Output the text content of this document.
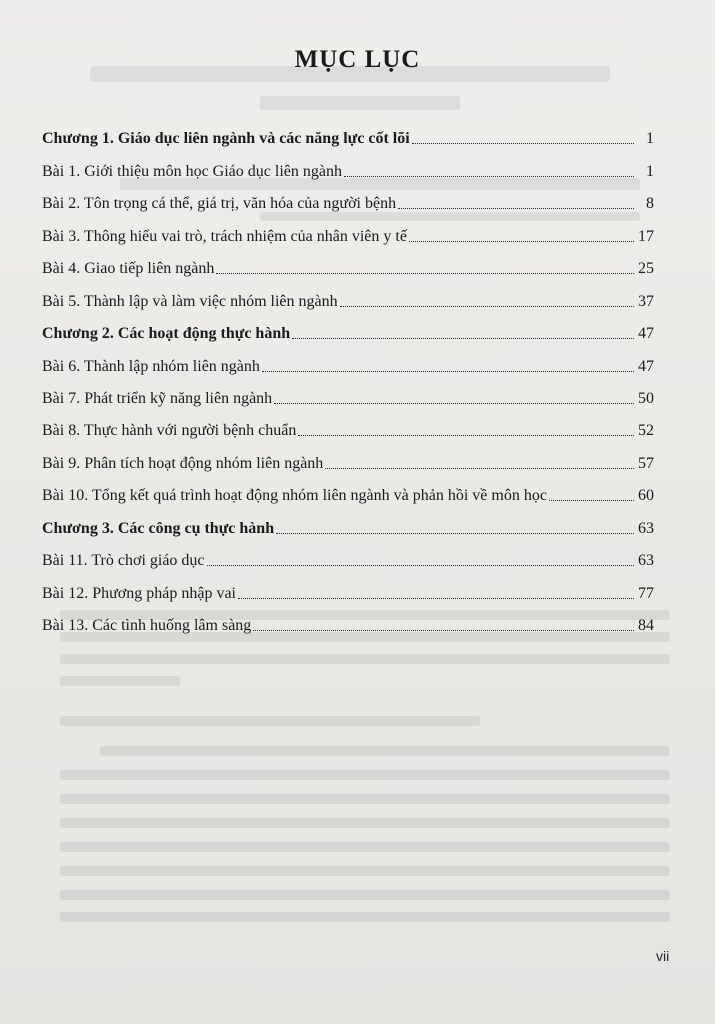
MỤC LỤC
Chương 1. Giáo dục liên ngành và các năng lực cốt lõi	1
Bài 1. Giới thiệu môn học Giáo dục liên ngành	1
Bài 2. Tôn trọng cá thể, giá trị, văn hóa của người bệnh	8
Bài 3. Thông hiểu vai trò, trách nhiệm của nhân viên y tế	17
Bài 4. Giao tiếp liên ngành	25
Bài 5. Thành lập và làm việc nhóm liên ngành	37
Chương 2. Các hoạt động thực hành	47
Bài 6. Thành lập nhóm liên ngành	47
Bài 7. Phát triển kỹ năng liên ngành	50
Bài 8. Thực hành với người bệnh chuẩn	52
Bài 9. Phân tích hoạt động nhóm liên ngành	57
Bài 10. Tổng kết quá trình hoạt động nhóm liên ngành và phản hồi về môn học	60
Chương 3. Các công cụ thực hành	63
Bài 11. Trò chơi giáo dục	63
Bài 12. Phương pháp nhập vai	77
Bài 13. Các tình huống lâm sàng	84
vii
